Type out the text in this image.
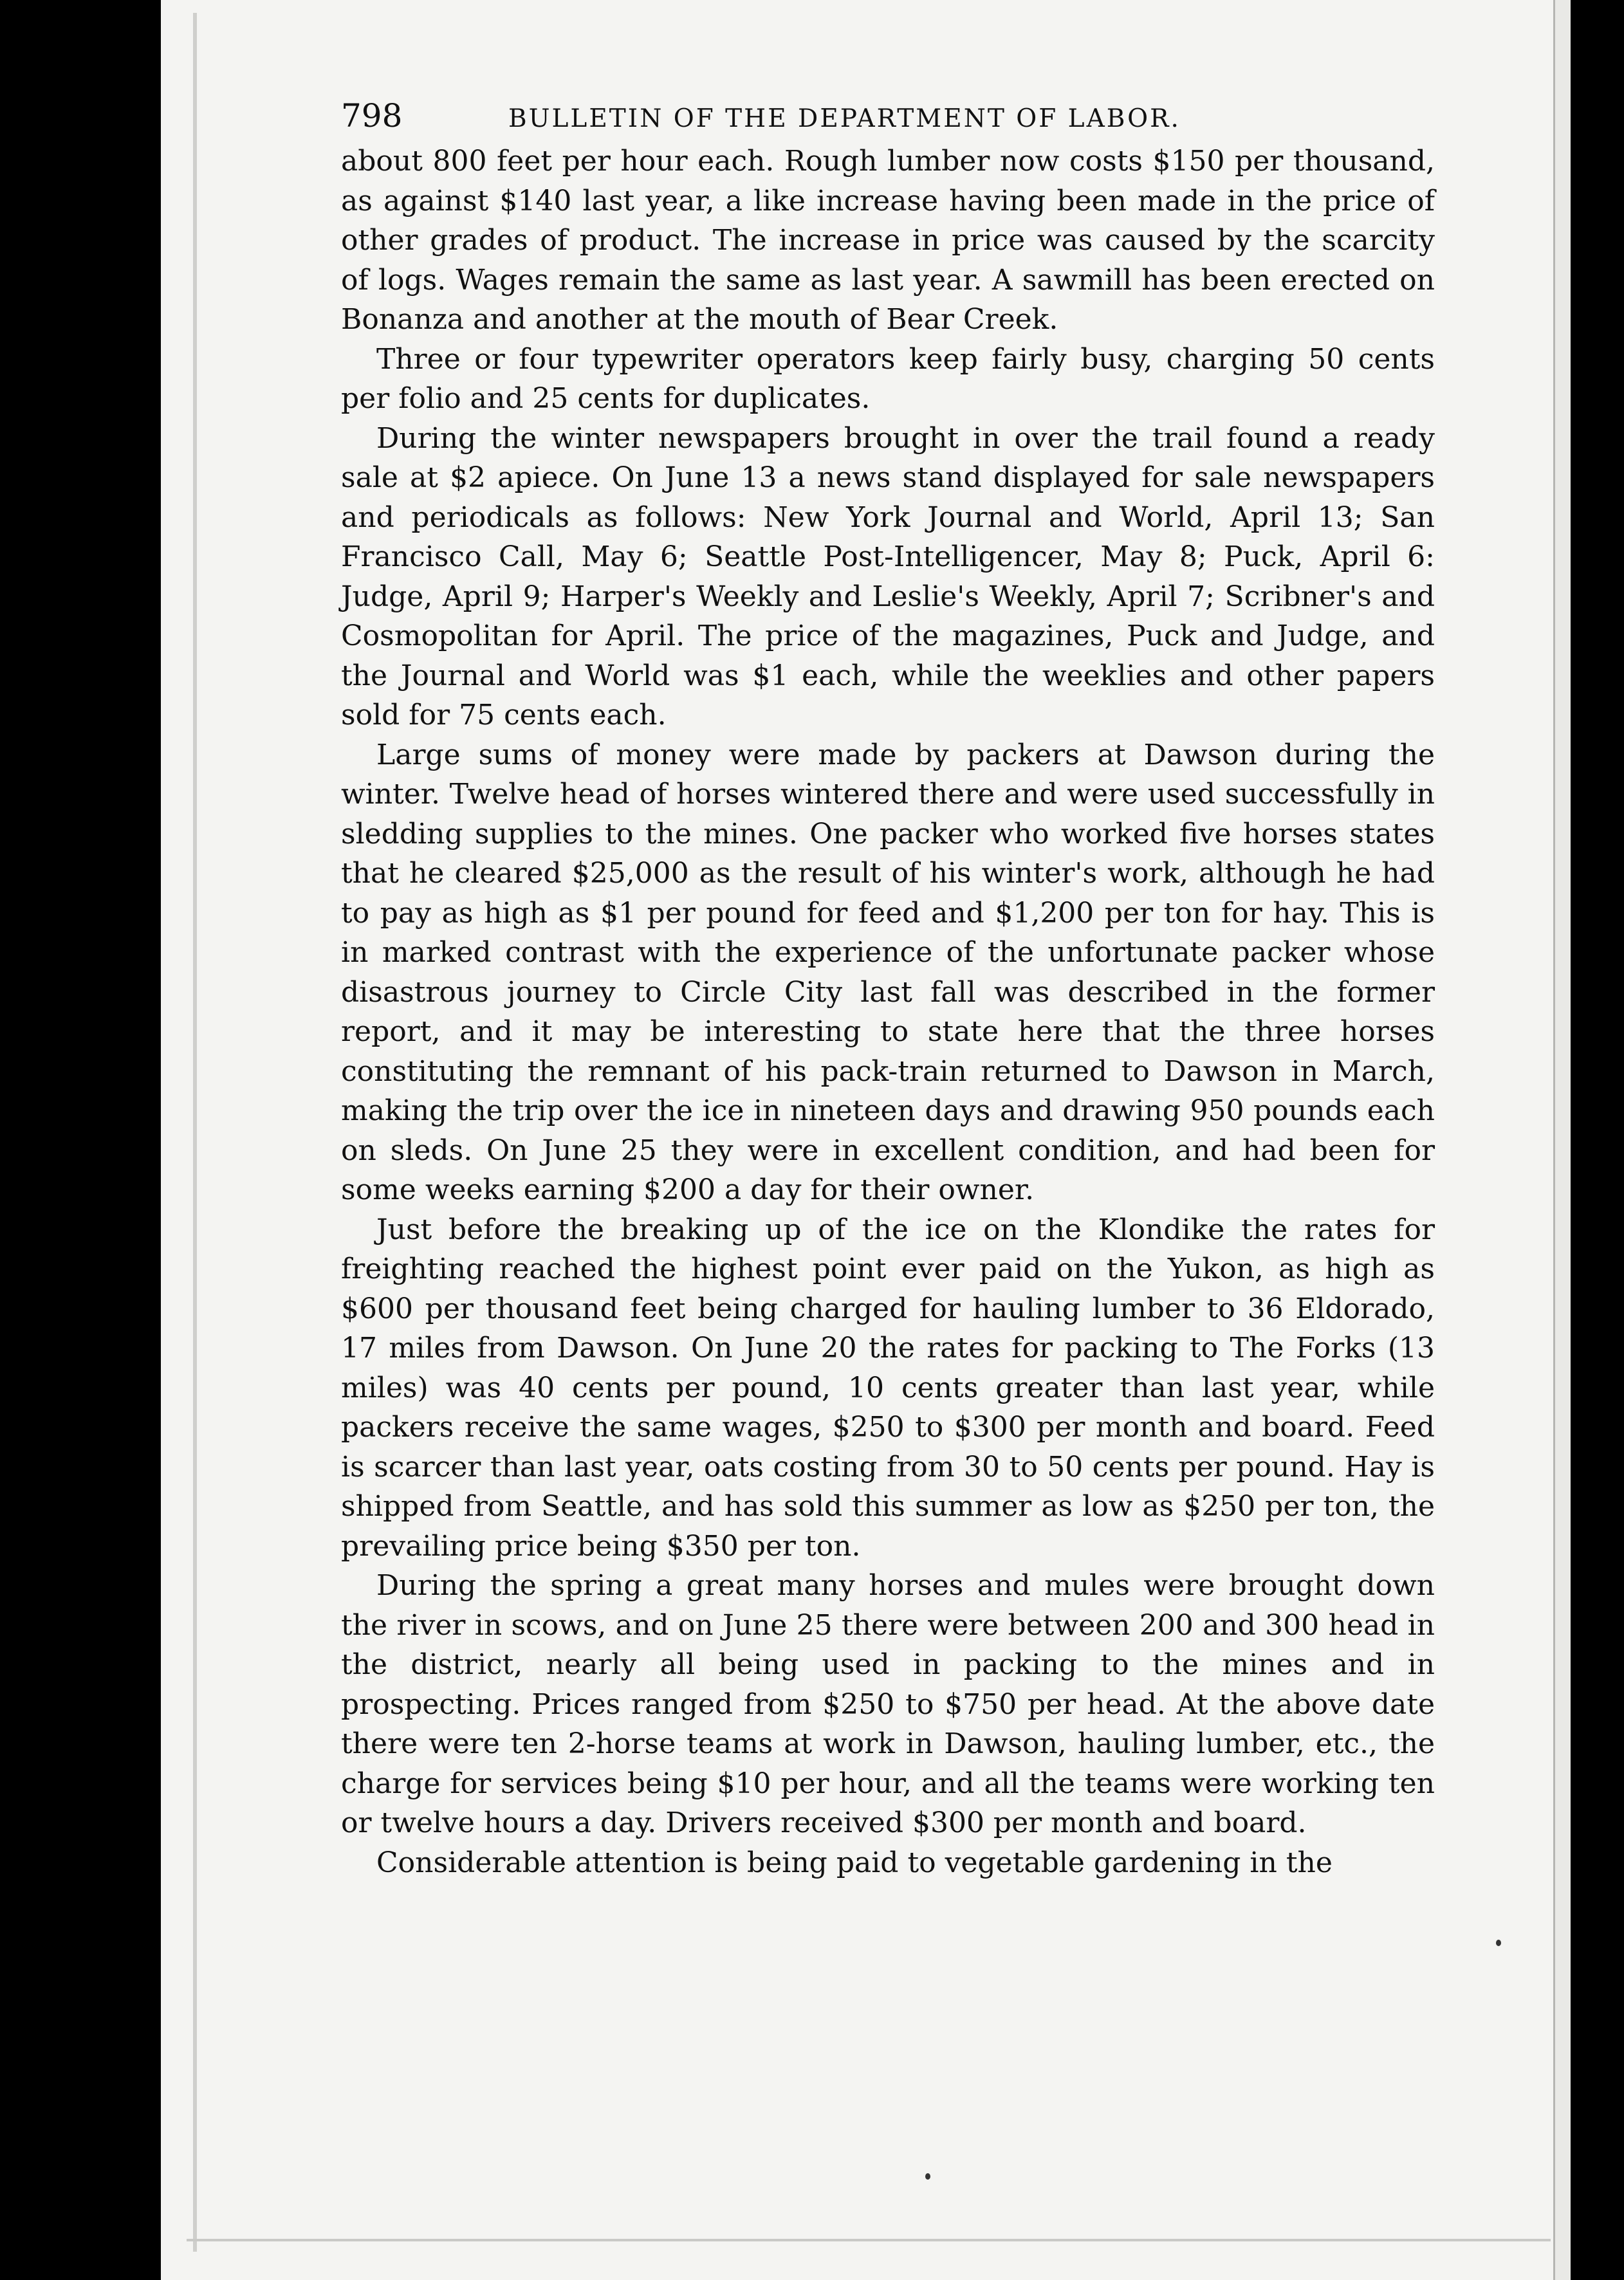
798	BULLETIN OF THE DEPARTMENT OF LABOR.

about 800 feet per hour each. Rough lumber now costs $150 per thousand, as against $140 last year, a like increase having been made in the price of other grades of product. The increase in price was caused by the scarcity of logs. Wages remain the same as last year. A sawmill has been erected on Bonanza and another at the mouth of Bear Creek.

Three or four typewriter operators keep fairly busy, charging 50 cents per folio and 25 cents for duplicates.

During the winter newspapers brought in over the trail found a ready sale at $2 apiece. On June 13 a news stand displayed for sale newspapers and periodicals as follows: New York Journal and World, April 13; San Francisco Call, May 6; Seattle Post-Intelligencer, May 8; Puck, April 6: Judge, April 9; Harper's Weekly and Leslie's Weekly, April 7; Scribner's and Cosmopolitan for April. The price of the magazines, Puck and Judge, and the Journal and World was $1 each, while the weeklies and other papers sold for 75 cents each.

Large sums of money were made by packers at Dawson during the winter. Twelve head of horses wintered there and were used successfully in sledding supplies to the mines. One packer who worked five horses states that he cleared $25,000 as the result of his winter's work, although he had to pay as high as $1 per pound for feed and $1,200 per ton for hay. This is in marked contrast with the experience of the unfortunate packer whose disastrous journey to Circle City last fall was described in the former report, and it may be interesting to state here that the three horses constituting the remnant of his pack-train returned to Dawson in March, making the trip over the ice in nineteen days and drawing 950 pounds each on sleds. On June 25 they were in excellent condition, and had been for some weeks earning $200 a day for their owner.

Just before the breaking up of the ice on the Klondike the rates for freighting reached the highest point ever paid on the Yukon, as high as $600 per thousand feet being charged for hauling lumber to 36 Eldorado, 17 miles from Dawson. On June 20 the rates for packing to The Forks (13 miles) was 40 cents per pound, 10 cents greater than last year, while packers receive the same wages, $250 to $300 per month and board. Feed is scarcer than last year, oats costing from 30 to 50 cents per pound. Hay is shipped from Seattle, and has sold this summer as low as $250 per ton, the prevailing price being $350 per ton.

During the spring a great many horses and mules were brought down the river in scows, and on June 25 there were between 200 and 300 head in the district, nearly all being used in packing to the mines and in prospecting. Prices ranged from $250 to $750 per head. At the above date there were ten 2-horse teams at work in Dawson, hauling lumber, etc., the charge for services being $10 per hour, and all the teams were working ten or twelve hours a day. Drivers received $300 per month and board.

Considerable attention is being paid to vegetable gardening in the
